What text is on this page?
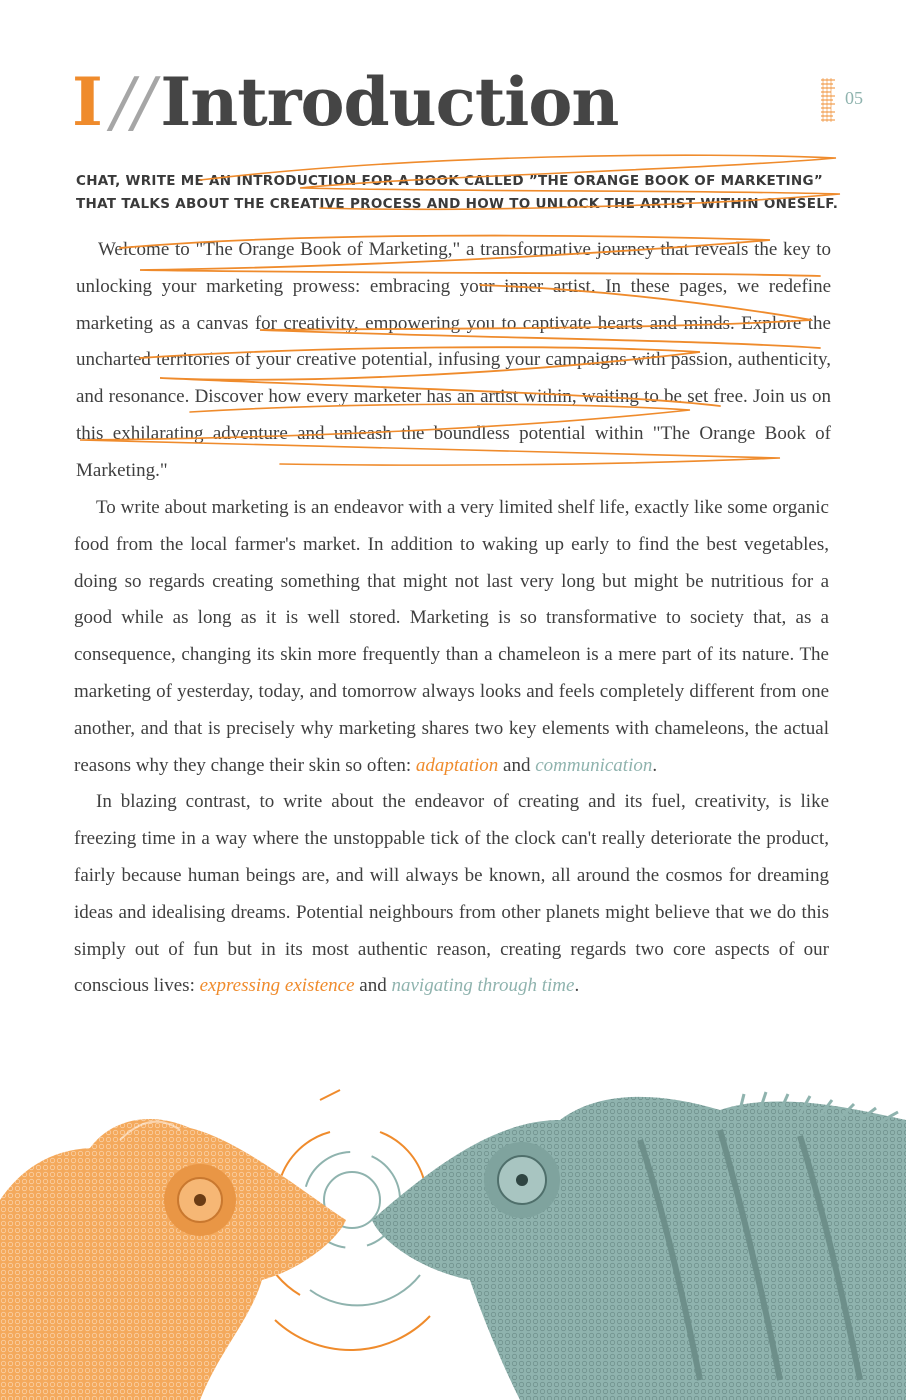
I //Introduction	05
CHAT, WRITE ME AN INTRODUCTION FOR A BOOK CALLED ”THE ORANGE BOOK OF MARKETING”
THAT TALKS ABOUT THE CREATIVE PROCESS AND HOW TO UNLOCK THE ARTIST WITHIN ONESELF.

Welcome to "The Orange Book of Marketing," a transformative journey that reveals the key to unlocking your marketing prowess: embracing your inner artist. In these pages, we redefine marketing as a canvas for creativity, empowering you to captivate hearts and minds. Explore the uncharted territories of your creative potential, infusing your campaigns with passion, authenticity, and resonance. Discover how every marketer has an artist within, waiting to be set free. Join us on this exhilarating adventure and unleash the boundless potential within "The Orange Book of Marketing."

To write about marketing is an endeavor with a very limited shelf life, exactly like some organic food from the local farmer's market. In addition to waking up early to find the best vegetables, doing so regards creating something that might not last very long but might be nutritious for a good while as long as it is well stored. Marketing is so transformative to society that, as a consequence, changing its skin more frequently than a chameleon is a mere part of its nature. The marketing of yesterday, today, and tomorrow always looks and feels completely different from one another, and that is precisely why marketing shares two key elements with chameleons, the actual reasons why they change their skin so often: adaptation and communication.

In blazing contrast, to write about the endeavor of creating and its fuel, creativity, is like freezing time in a way where the unstoppable tick of the clock can't really deteriorate the product, fairly because human beings are, and will always be known, all around the cosmos for dreaming ideas and idealising dreams. Potential neighbours from other planets might believe that we do this simply out of fun but in its most authentic reason, creating regards two core aspects of our conscious lives: expressing existence and navigating through time.
